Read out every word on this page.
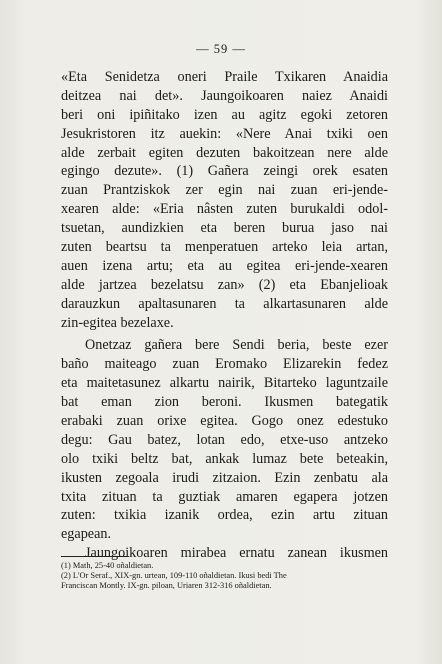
— 59 —
«Eta Senidetza oneri Praile Txikaren Anaidia
deitzea nai det». Jaungoikoaren naiez Anaidi
beri oni ipiñitako izen au agitz egoki zetoren
Jesukristoren itz auekin: «Nere Anai txiki oen
alde zerbait egiten dezuten bakoitzean nere alde
egingo dezute». (1) Gañera zeingi orek esaten
zuan Prantziskok zer egin nai zuan eri-jende-
xearen alde: «Eria nâsten zuten burukaldi odol-
tsuetan, aundizkien eta beren burua jaso nai
zuten beartsu ta menperatuen arteko leia artan,
auen izena artu; eta au egitea eri-jende-xearen
alde jartzea bezelatsu zan» (2) eta Ebanjelioak
darauzkun apaltasunaren ta alkartasunaren alde
zin-egitea bezelaxe.
Onetzaz gañera bere Sendi beria, beste ezer
baño maiteago zuan Eromako Elizarekin fedez
eta maitetasunez alkartu nairik, Bitarteko laguntzaile
bat eman zion beroni. Ikusmen bategatik
erabaki zuan orixe egitea. Gogo onez edestuko
degu: Gau batez, lotan edo, etxe-uso antzeko
olo txiki beltz bat, ankak lumaz bete beteakin,
ikusten zegoala irudi zitzaion. Ezin zenbatu ala
txita zituan ta guztiak amaren egapera jotzen
zuten: txikia izanik ordea, ezin artu zituan
egapean.
Jaungoikoaren mirabea ernatu zanean ikusmen
(1) Math, 25-40 oñaldietan.
(2) L'Or Seraf., XIX-gn. urtean, 109-110 oñaldietan. Ikusi bedi The
Franciscan Montly. IX-gn. piloan, Uriaren 312-316 oñaldietan.
